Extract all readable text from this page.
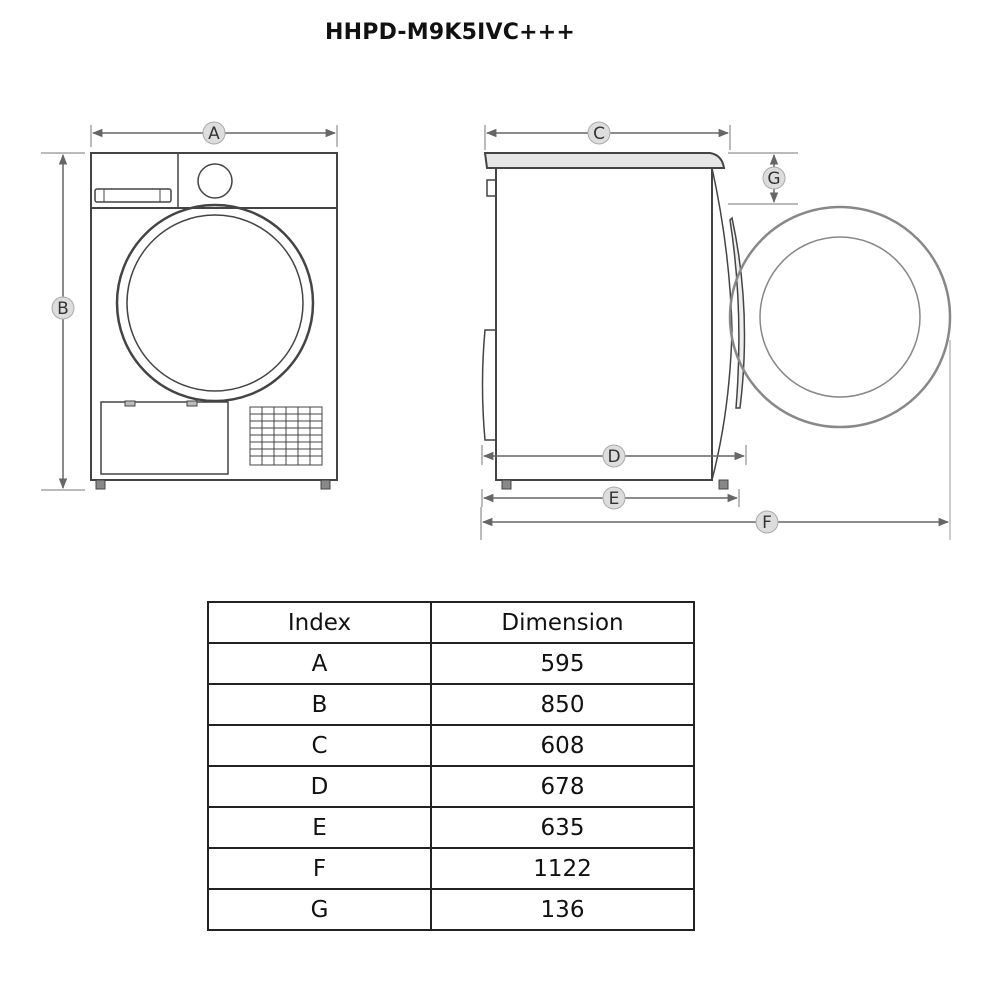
HHPD-M9K5IVC+++
A
B
C
G
D
E
F
Index	Dimension
A	595
B	850
C	608
D	678
E	635
F	1122
G	136
